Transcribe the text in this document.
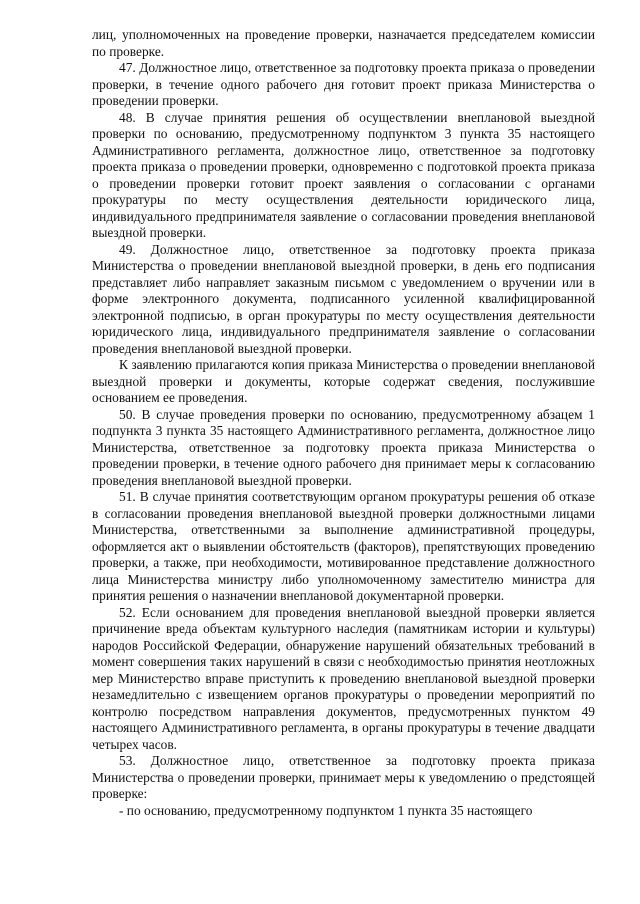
лиц, уполномоченных на проведение проверки, назначается председателем комиссии по проверке.

47. Должностное лицо, ответственное за подготовку проекта приказа о проведении проверки, в течение одного рабочего дня готовит проект приказа Министерства о проведении проверки.

48. В случае принятия решения об осуществлении внеплановой выездной проверки по основанию, предусмотренному подпунктом 3 пункта 35 настоящего Административного регламента, должностное лицо, ответственное за подготовку проекта приказа о проведении проверки, одновременно с подготовкой проекта приказа о проведении проверки готовит проект заявления о согласовании с органами прокуратуры по месту осуществления деятельности юридического лица, индивидуального предпринимателя заявление о согласовании проведения внеплановой выездной проверки.

49. Должностное лицо, ответственное за подготовку проекта приказа Министерства о проведении внеплановой выездной проверки, в день его подписания представляет либо направляет заказным письмом с уведомлением о вручении или в форме электронного документа, подписанного усиленной квалифицированной электронной подписью, в орган прокуратуры по месту осуществления деятельности юридического лица, индивидуального предпринимателя заявление о согласовании проведения внеплановой выездной проверки.

К заявлению прилагаются копия приказа Министерства о проведении внеплановой выездной проверки и документы, которые содержат сведения, послужившие основанием ее проведения.

50. В случае проведения проверки по основанию, предусмотренному абзацем 1 подпункта 3 пункта 35 настоящего Административного регламента, должностное лицо Министерства, ответственное за подготовку проекта приказа Министерства о проведении проверки, в течение одного рабочего дня принимает меры к согласованию проведения внеплановой выездной проверки.

51. В случае принятия соответствующим органом прокуратуры решения об отказе в согласовании проведения внеплановой выездной проверки должностными лицами Министерства, ответственными за выполнение административной процедуры, оформляется акт о выявлении обстоятельств (факторов), препятствующих проведению проверки, а также, при необходимости, мотивированное представление должностного лица Министерства министру либо уполномоченному заместителю министра для принятия решения о назначении внеплановой документарной проверки.

52. Если основанием для проведения внеплановой выездной проверки является причинение вреда объектам культурного наследия (памятникам истории и культуры) народов Российской Федерации, обнаружение нарушений обязательных требований в момент совершения таких нарушений в связи с необходимостью принятия неотложных мер Министерство вправе приступить к проведению внеплановой выездной проверки незамедлительно с извещением органов прокуратуры о проведении мероприятий по контролю посредством направления документов, предусмотренных пунктом 49 настоящего Административного регламента, в органы прокуратуры в течение двадцати четырех часов.

53. Должностное лицо, ответственное за подготовку проекта приказа Министерства о проведении проверки, принимает меры к уведомлению о предстоящей проверке:

- по основанию, предусмотренному подпунктом 1 пункта 35 настоящего
